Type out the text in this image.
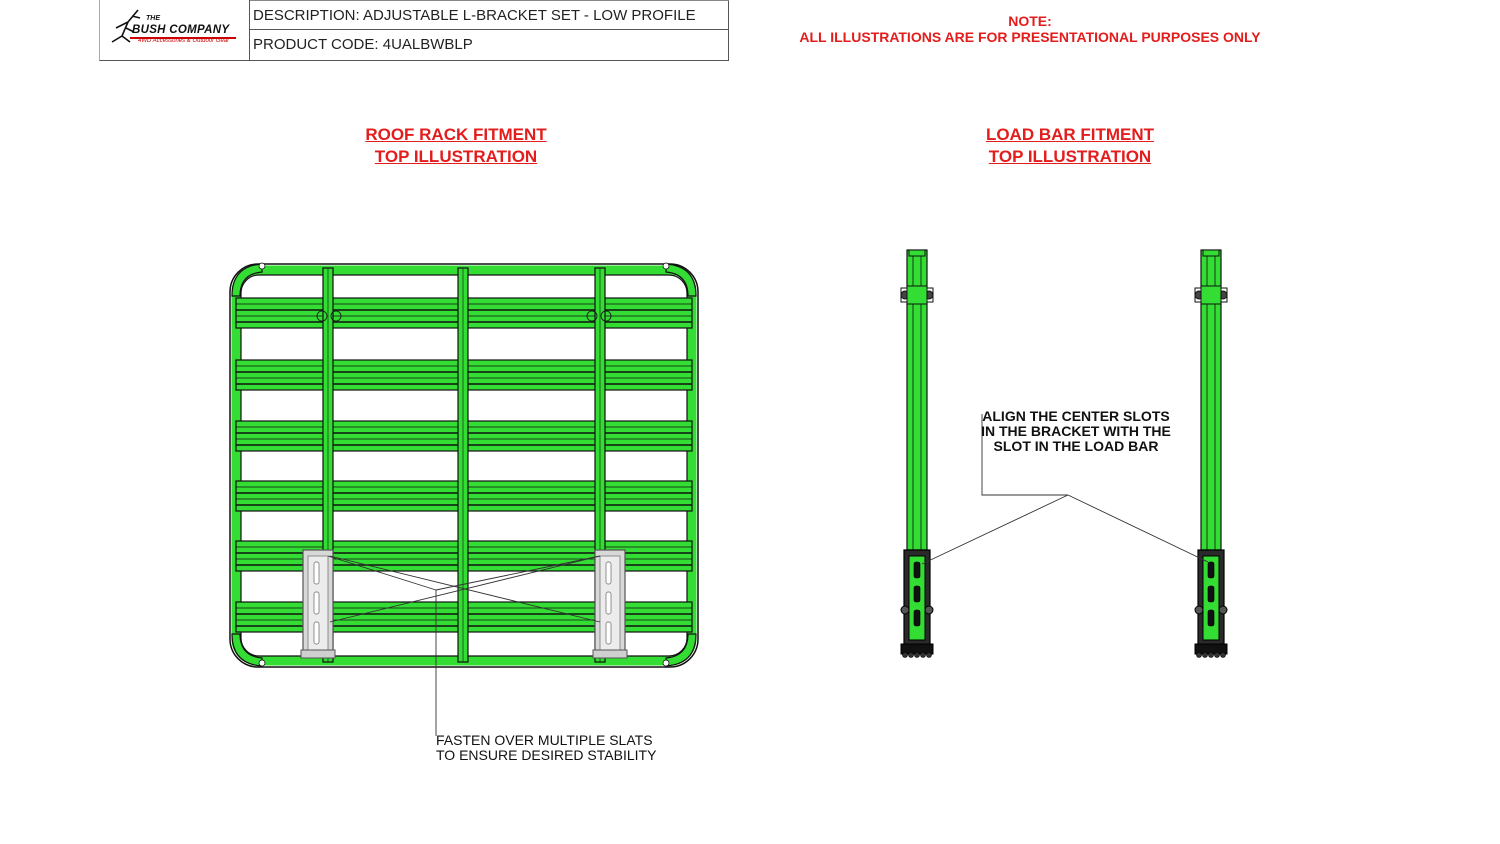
THE
BUSH COMPANY
4WD Accessories & Outdoor Gear
DESCRIPTION: ADJUSTABLE L-BRACKET SET - LOW PROFILE
PRODUCT CODE: 4UALBWBLP
NOTE:
ALL ILLUSTRATIONS ARE FOR PRESENTATIONAL PURPOSES ONLY
ROOF RACK FITMENT
TOP ILLUSTRATION
LOAD BAR FITMENT
TOP ILLUSTRATION
FASTEN OVER MULTIPLE SLATS
TO ENSURE DESIRED STABILITY
ALIGN THE CENTER SLOTS
IN THE BRACKET WITH THE
SLOT IN THE LOAD BAR
